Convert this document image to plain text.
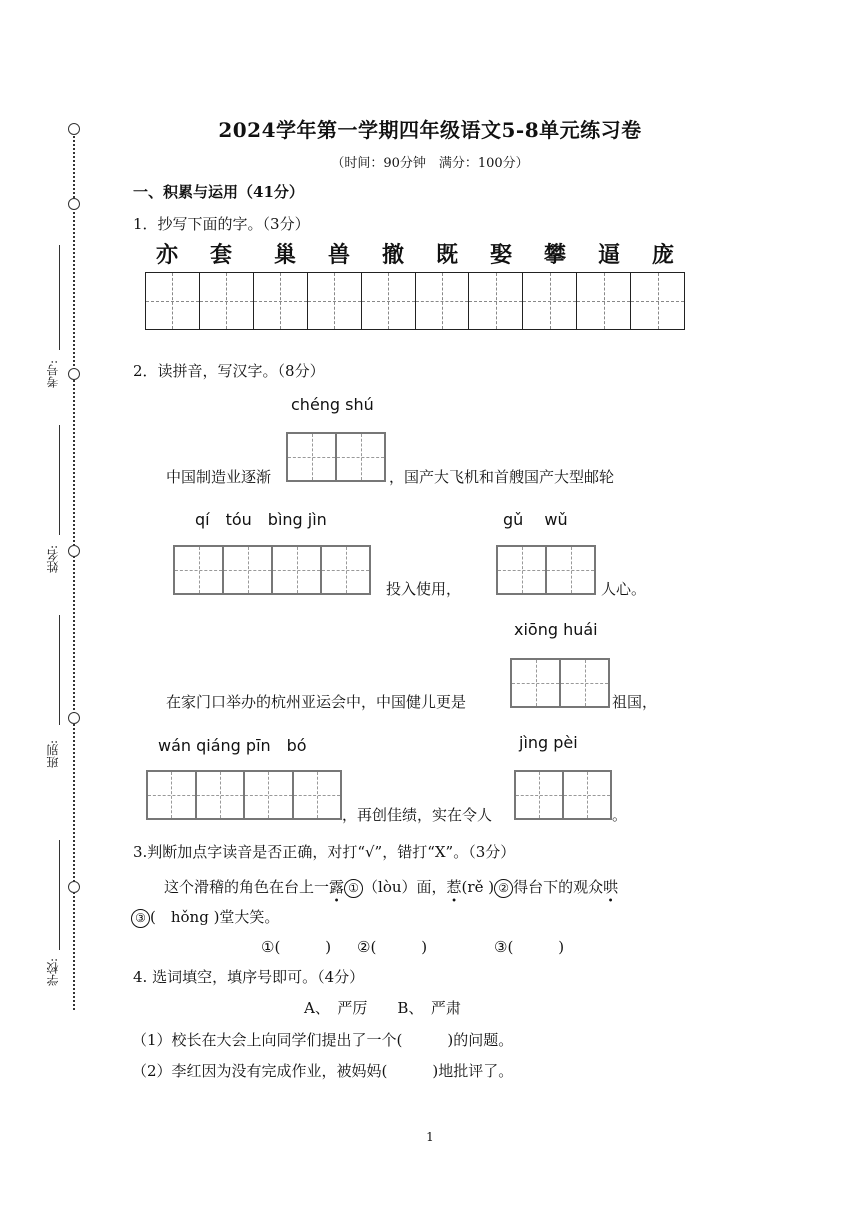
考号:
姓名:
班别:
学校:
2024学年第一学期四年级语文5-8单元练习卷
（时间：90分钟　满分：100分）
一、积累与运用（41分）
1．抄写下面的字。（3分）
亦	套	巢	兽	撤	既	娶	攀	逼	庞
2．读拼音，写汉字。（8分）
chéng shú
中国制造业逐渐	，国产大飞机和首艘国产大型邮轮
qí　tóu　bìng jìn	gǔ　 wǔ
投入使用，	人心。
xiōng huái
在家门口举办的杭州亚运会中，中国健儿更是	祖国，
wán qiáng pīn　bó	jìng pèi
，再创佳绩，实在令人	。
3.判断加点字读音是否正确，对打“√”，错打“X”。（3分）
这个滑稽的角色在台上一露 ① （lòu）面，惹(rě ) ② 得台下的观众哄
③ (　hǒng )堂大笑。
①(　　　) ②(　　　)	③(　　　)
4. 选词填空，填序号即可。（4分）
A、　严厉　　B、　严肃
（1）校长在大会上向同学们提出了一个(　　　)的问题。
（2）李红因为没有完成作业，被妈妈(　　　)地批评了。
1
